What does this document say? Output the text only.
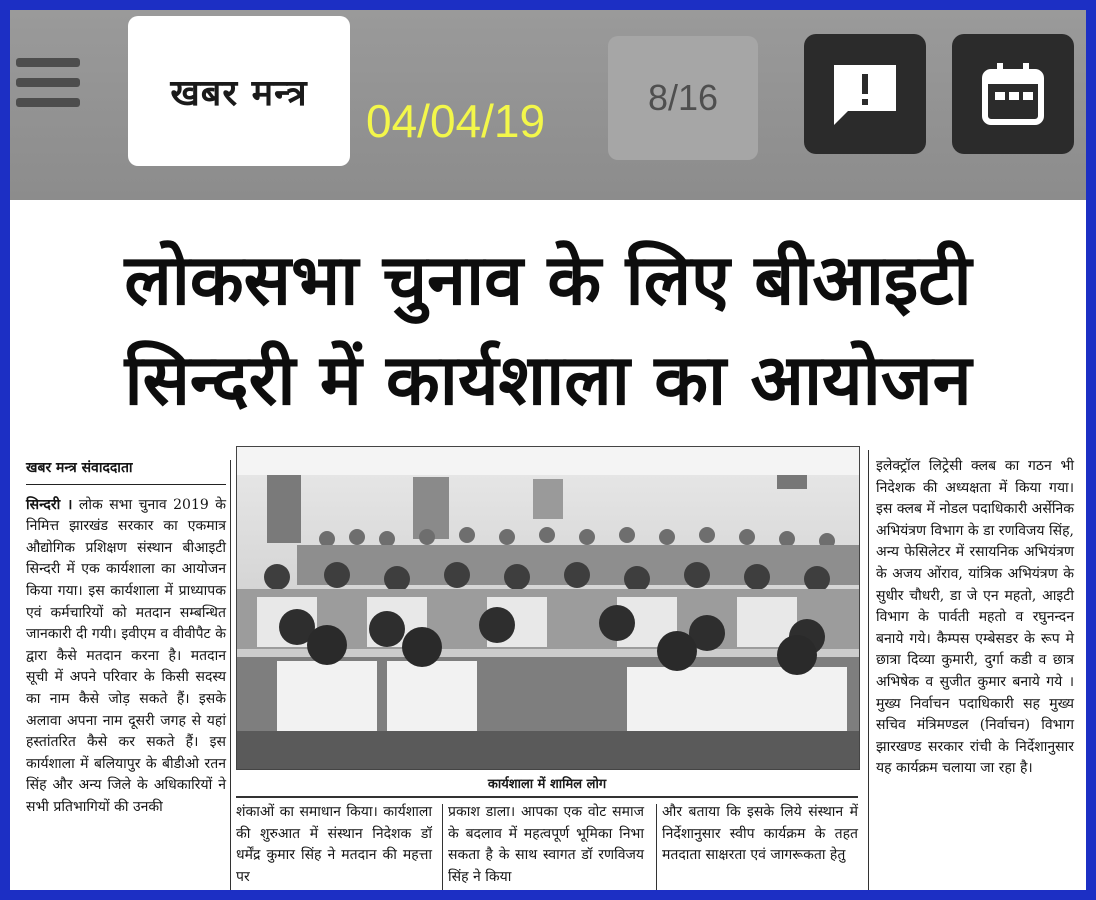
खबर मन्त्र
04/04/19	8/16
लोकसभा चुनाव के लिए बीआइटी
सिन्दरी में कार्यशाला का आयोजन
खबर मन्त्र संवाददाता

सिन्दरी । लोक सभा चुनाव 2019 के निमित्त झारखंड सरकार का एकमात्र औद्योगिक प्रशिक्षण संस्थान बीआइटी सिन्दरी में एक कार्यशाला का आयोजन किया गया। इस कार्यशाला में प्राध्यापक एवं कर्मचारियों को मतदान सम्बन्धित जानकारी दी गयी। इवीएम व वीवीपैट के द्वारा कैसे मतदान करना है। मतदान सूची में अपने परिवार के किसी सदस्य का नाम कैसे जोड़ सकते हैं। इसके अलावा अपना नाम दूसरी जगह से यहां हस्तांतरित कैसे कर सकते हैं। इस कार्यशाला में बलियापुर के बीडीओ रतन सिंह और अन्य जिले के अधिकारियों ने सभी प्रतिभागियों की उनकी

कार्यशाला में शामिल लोग

शंकाओं का समाधान किया। कार्यशाला की शुरुआत में संस्थान निदेशक डॉ धर्मेंद्र कुमार सिंह ने मतदान की महत्ता पर

प्रकाश डाला। आपका एक वोट समाज के बदलाव में महत्वपूर्ण भूमिका निभा सकता है के साथ स्वागत डॉ रणविजय सिंह ने किया

और बताया कि इसके लिये संस्थान में निर्देशानुसार स्वीप कार्यक्रम के तहत मतदाता साक्षरता एवं जागरूकता हेतु

इलेक्ट्रॉल लिट्रेसी क्लब का गठन भी निदेशक की अध्यक्षता में किया गया। इस क्लब में नोडल पदाधिकारी अर्सेनिक अभियंत्रण विभाग के डा रणविजय सिंह, अन्य फेसिलेटर में रसायनिक अभियंत्रण के अजय ओंराव, यांत्रिक अभियंत्रण के सुधीर चौधरी, डा जे एन महतो, आइटी विभाग के पार्वती महतो व रघुनन्दन बनाये गये। कैम्पस एम्बेसडर के रूप मे छात्रा दिव्या कुमारी, दुर्गा कडी व छात्र अभिषेक व सुजीत कुमार बनाये गये । मुख्य निर्वाचन पदाधिकारी सह मुख्य सचिव मंत्रिमण्डल (निर्वाचन) विभाग झारखण्ड सरकार रांची के निर्देशानुसार यह कार्यक्रम चलाया जा रहा है।
